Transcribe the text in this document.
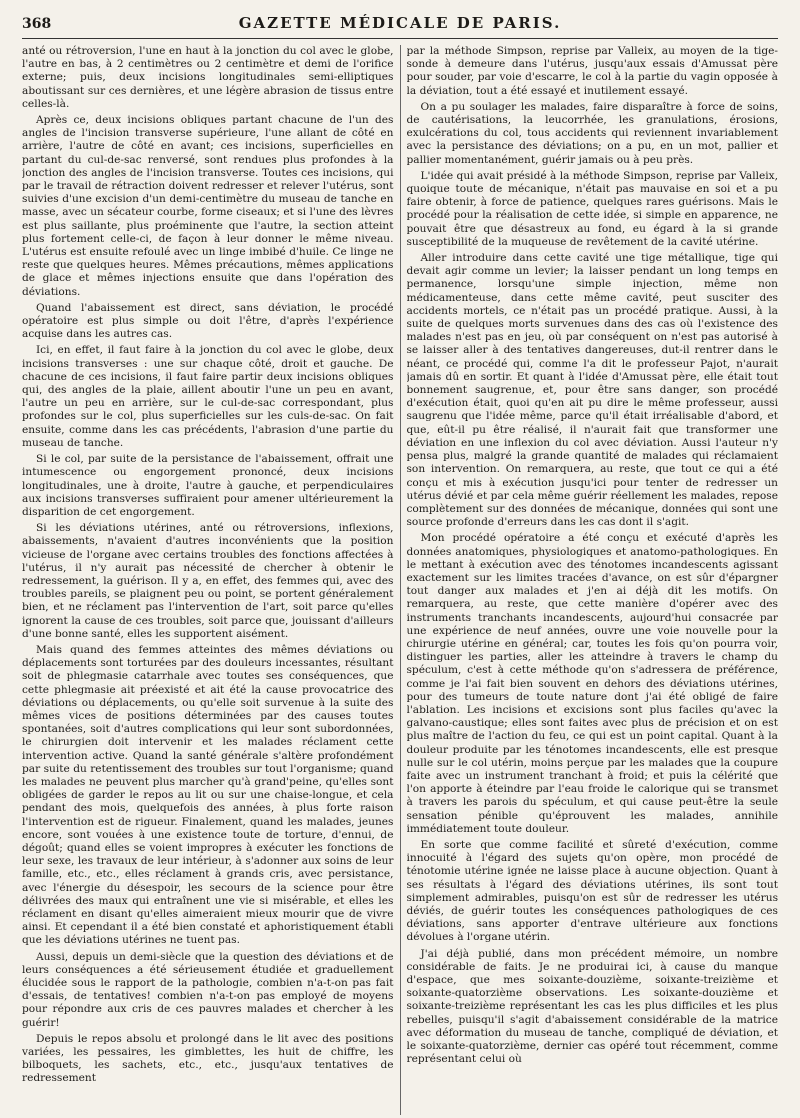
368	GAZETTE MÉDICALE DE PARIS.

anté ou rétroversion, l'une en haut à la jonction du col avec le globe, l'autre en bas, à 2 centimètres ou 2 centimètre et demi de l'orifice externe; puis, deux incisions longitudinales semi-elliptiques aboutissant sur ces dernières, et une légère abrasion de tissus entre celles-là.

Après ce, deux incisions obliques partant chacune de l'un des angles de l'incision transverse supérieure, l'une allant de côté en arrière, l'autre de côté en avant; ces incisions, superficielles en partant du cul-de-sac renversé, sont rendues plus profondes à la jonction des angles de l'incision transverse. Toutes ces incisions, qui par le travail de rétraction doivent redresser et relever l'utérus, sont suivies d'une excision d'un demi-centimètre du museau de tanche en masse, avec un sécateur courbe, forme ciseaux; et si l'une des lèvres est plus saillante, plus proéminente que l'autre, la section atteint plus fortement celle-ci, de façon à leur donner le même niveau. L'utérus est ensuite refoulé avec un linge imbibé d'huile. Ce linge ne reste que quelques heures. Mêmes précautions, mêmes applications de glace et mêmes injections ensuite que dans l'opération des déviations.

Quand l'abaissement est direct, sans déviation, le procédé opératoire est plus simple ou doit l'être, d'après l'expérience acquise dans les autres cas.

Ici, en effet, il faut faire à la jonction du col avec le globe, deux incisions transverses : une sur chaque côté, droit et gauche. De chacune de ces incisions, il faut faire partir deux incisions obliques qui, des angles de la plaie, aillent aboutir l'une un peu en avant, l'autre un peu en arrière, sur le cul-de-sac correspondant, plus profondes sur le col, plus superficielles sur les culs-de-sac. On fait ensuite, comme dans les cas précédents, l'abrasion d'une partie du museau de tanche.

Si le col, par suite de la persistance de l'abaissement, offrait une intumescence ou engorgement prononcé, deux incisions longitudinales, une à droite, l'autre à gauche, et perpendiculaires aux incisions transverses suffiraient pour amener ultérieurement la disparition de cet engorgement.

Si les déviations utérines, anté ou rétroversions, inflexions, abaissements, n'avaient d'autres inconvénients que la position vicieuse de l'organe avec certains troubles des fonctions affectées à l'utérus, il n'y aurait pas nécessité de chercher à obtenir le redressement, la guérison. Il y a, en effet, des femmes qui, avec des troubles pareils, se plaignent peu ou point, se portent généralement bien, et ne réclament pas l'intervention de l'art, soit parce qu'elles ignorent la cause de ces troubles, soit parce que, jouissant d'ailleurs d'une bonne santé, elles les supportent aisément.

Mais quand des femmes atteintes des mêmes déviations ou déplacements sont torturées par des douleurs incessantes, résultant soit de phlegmasie catarrhale avec toutes ses conséquences, que cette phlegmasie ait préexisté et ait été la cause provocatrice des déviations ou déplacements, ou qu'elle soit survenue à la suite des mêmes vices de positions déterminées par des causes toutes spontanées, soit d'autres complications qui leur sont subordonnées, le chirurgien doit intervenir et les malades réclament cette intervention active. Quand la santé générale s'altère profondément par suite du retentissement des troubles sur tout l'organisme; quand les malades ne peuvent plus marcher qu'à grand'peine, qu'elles sont obligées de garder le repos au lit ou sur une chaise-longue, et cela pendant des mois, quelquefois des années, à plus forte raison l'intervention est de rigueur. Finalement, quand les malades, jeunes encore, sont vouées à une existence toute de torture, d'ennui, de dégoût; quand elles se voient impropres à exécuter les fonctions de leur sexe, les travaux de leur intérieur, à s'adonner aux soins de leur famille, etc., etc., elles réclament à grands cris, avec persistance, avec l'énergie du désespoir, les secours de la science pour être délivrées des maux qui entraînent une vie si misérable, et elles les réclament en disant qu'elles aimeraient mieux mourir que de vivre ainsi. Et cependant il a été bien constaté et aphoristiquement établi que les déviations utérines ne tuent pas.

Aussi, depuis un demi-siècle que la question des déviations et de leurs conséquences a été sérieusement étudiée et graduellement élucidée sous le rapport de la pathologie, combien n'a-t-on pas fait d'essais, de tentatives! combien n'a-t-on pas employé de moyens pour répondre aux cris de ces pauvres malades et chercher à les guérir!

Depuis le repos absolu et prolongé dans le lit avec des positions variées, les pessaires, les gimblettes, les huit de chiffre, les bilboquets, les sachets, etc., etc., jusqu'aux tentatives de redressement

par la méthode Simpson, reprise par Valleix, au moyen de la tige-sonde à demeure dans l'utérus, jusqu'aux essais d'Amussat père pour souder, par voie d'escarre, le col à la partie du vagin opposée à la déviation, tout a été essayé et inutilement essayé.

On a pu soulager les malades, faire disparaître à force de soins, de cautérisations, la leucorrhée, les granulations, érosions, exulcérations du col, tous accidents qui reviennent invariablement avec la persistance des déviations; on a pu, en un mot, pallier et pallier momentanément, guérir jamais ou à peu près.

L'idée qui avait présidé à la méthode Simpson, reprise par Valleix, quoique toute de mécanique, n'était pas mauvaise en soi et a pu faire obtenir, à force de patience, quelques rares guérisons. Mais le procédé pour la réalisation de cette idée, si simple en apparence, ne pouvait être que désastreux au fond, eu égard à la si grande susceptibilité de la muqueuse de revêtement de la cavité utérine.

Aller introduire dans cette cavité une tige métallique, tige qui devait agir comme un levier; la laisser pendant un long temps en permanence, lorsqu'une simple injection, même non médicamenteuse, dans cette même cavité, peut susciter des accidents mortels, ce n'était pas un procédé pratique. Aussi, à la suite de quelques morts survenues dans des cas où l'existence des malades n'est pas en jeu, où par conséquent on n'est pas autorisé à se laisser aller à des tentatives dangereuses, dut-il rentrer dans le néant, ce procédé qui, comme l'a dit le professeur Pajot, n'aurait jamais dû en sortir. Et quant à l'idée d'Amussat père, elle était tout bonnement saugrenue, et, pour être sans danger, son procédé d'exécution était, quoi qu'en ait pu dire le même professeur, aussi saugrenu que l'idée même, parce qu'il était irréalisable d'abord, et que, eût-il pu être réalisé, il n'aurait fait que transformer une déviation en une inflexion du col avec déviation. Aussi l'auteur n'y pensa plus, malgré la grande quantité de malades qui réclamaient son intervention. On remarquera, au reste, que tout ce qui a été conçu et mis à exécution jusqu'ici pour tenter de redresser un utérus dévié et par cela même guérir réellement les malades, repose complètement sur des données de mécanique, données qui sont une source profonde d'erreurs dans les cas dont il s'agit.

Mon procédé opératoire a été conçu et exécuté d'après les données anatomiques, physiologiques et anatomo-pathologiques. En le mettant à exécution avec des ténotomes incandescents agissant exactement sur les limites tracées d'avance, on est sûr d'épargner tout danger aux malades et j'en ai déjà dit les motifs. On remarquera, au reste, que cette manière d'opérer avec des instruments tranchants incandescents, aujourd'hui consacrée par une expérience de neuf années, ouvre une voie nouvelle pour la chirurgie utérine en général; car, toutes les fois qu'on pourra voir, distinguer les parties, aller les atteindre à travers le champ du spéculum, c'est à cette méthode qu'on s'adressera de préférence, comme je l'ai fait bien souvent en dehors des déviations utérines, pour des tumeurs de toute nature dont j'ai été obligé de faire l'ablation. Les incisions et excisions sont plus faciles qu'avec la galvano-caustique; elles sont faites avec plus de précision et on est plus maître de l'action du feu, ce qui est un point capital. Quant à la douleur produite par les ténotomes incandescents, elle est presque nulle sur le col utérin, moins perçue par les malades que la coupure faite avec un instrument tranchant à froid; et puis la célérité que l'on apporte à éteindre par l'eau froide le calorique qui se transmet à travers les parois du spéculum, et qui cause peut-être la seule sensation pénible qu'éprouvent les malades, annihile immédiatement toute douleur.

En sorte que comme facilité et sûreté d'exécution, comme innocuité à l'égard des sujets qu'on opère, mon procédé de ténotomie utérine ignée ne laisse place à aucune objection. Quant à ses résultats à l'égard des déviations utérines, ils sont tout simplement admirables, puisqu'on est sûr de redresser les utérus déviés, de guérir toutes les conséquences pathologiques de ces déviations, sans apporter d'entrave ultérieure aux fonctions dévolues à l'organe utérin.

J'ai déjà publié, dans mon précédent mémoire, un nombre considérable de faits. Je ne produirai ici, à cause du manque d'espace, que mes soixante-douzième, soixante-treizième et soixante-quatorzième observations. Les soixante-douzième et soixante-treizième représentant les cas les plus difficiles et les plus rebelles, puisqu'il s'agit d'abaissement considérable de la matrice avec déformation du museau de tanche, compliqué de déviation, et le soixante-quatorzième, dernier cas opéré tout récemment, comme représentant celui où
